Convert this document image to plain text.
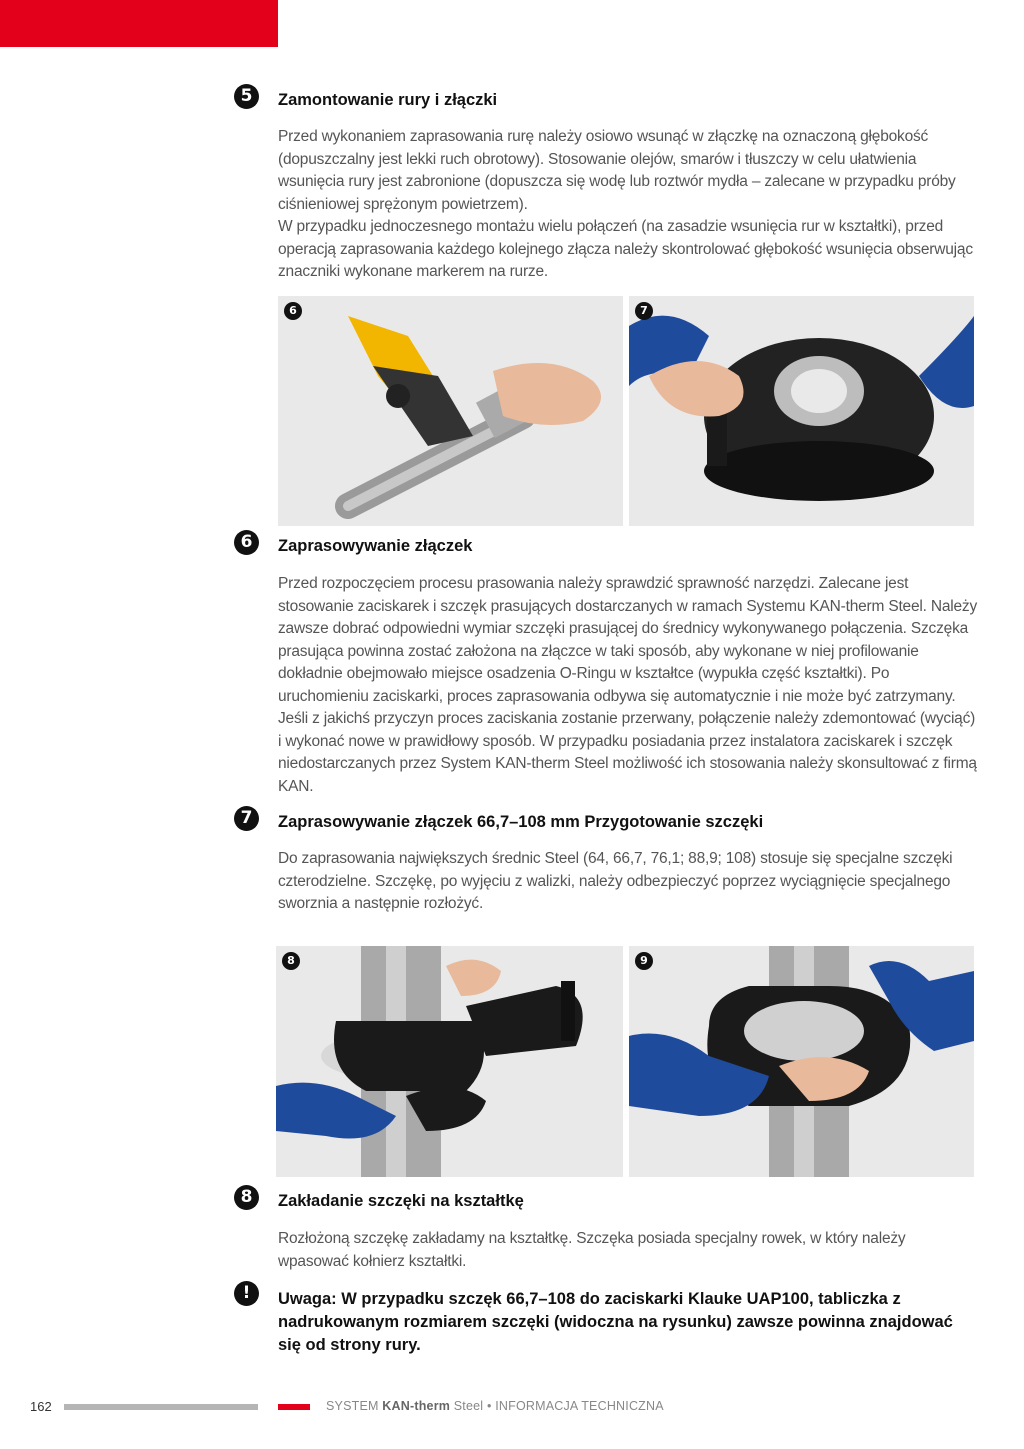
5	Zamontowanie rury i złączki

Przed wykonaniem zaprasowania rurę należy osiowo wsunąć w złączkę na oznaczoną głębokość (dopuszczalny jest lekki ruch obrotowy). Stosowanie olejów, smarów i tłuszczy w celu ułatwienia wsunięcia rury jest zabronione (dopuszcza się wodę lub roztwór mydła – zalecane w przypadku próby ciśnieniowej sprężonym powietrzem).

W przypadku jednoczesnego montażu wielu połączeń (na zasadzie wsunięcia rur w kształtki), przed operacją zaprasowania każdego kolejnego złącza należy skontrolować głębokość wsunięcia obserwując znaczniki wykonane markerem na rurze.

6	7
6	Zaprasowywanie złączek

Przed rozpoczęciem procesu prasowania należy sprawdzić sprawność narzędzi. Zalecane jest stosowanie zaciskarek i szczęk prasujących dostarczanych w ramach Systemu KAN-therm Steel. Należy zawsze dobrać odpowiedni wymiar szczęki prasującej do średnicy wykonywanego połączenia. Szczęka prasująca powinna zostać założona na złączce w taki sposób, aby wykonane w niej profilowanie dokładnie obejmowało miejsce osadzenia O-Ringu w kształtce (wypukła część kształtki). Po uruchomieniu zaciskarki, proces zaprasowania odbywa się automatycznie i nie może być zatrzymany. Jeśli z jakichś przyczyn proces zaciskania zostanie przerwany, połączenie należy zdemontować (wyciąć) i wykonać nowe w prawidłowy sposób. W przypadku posiadania przez instalatora zaciskarek i szczęk niedostarczanych przez System KAN-therm Steel możliwość ich stosowania należy skonsultować z firmą KAN.

7	Zaprasowywanie złączek 66,7–108 mm Przygotowanie szczęki

Do zaprasowania największych średnic Steel (64, 66,7, 76,1; 88,9; 108) stosuje się specjalne szczęki czterodzielne. Szczękę, po wyjęciu z walizki, należy odbezpieczyć poprzez wyciągnięcie specjalnego sworznia a następnie rozłożyć.

8	9
8	Zakładanie szczęki na kształtkę

Rozłożoną szczękę zakładamy na kształtkę. Szczęka posiada specjalny rowek, w który należy wpasować kołnierz kształtki.

!	Uwaga: W przypadku szczęk 66,7–108 do zaciskarki Klauke UAP100, tabliczka z nadrukowanym rozmiarem szczęki (widoczna na rysunku) zawsze powinna znajdować się od strony rury.

162	SYSTEM KAN-therm Steel • INFORMACJA TECHNICZNA
